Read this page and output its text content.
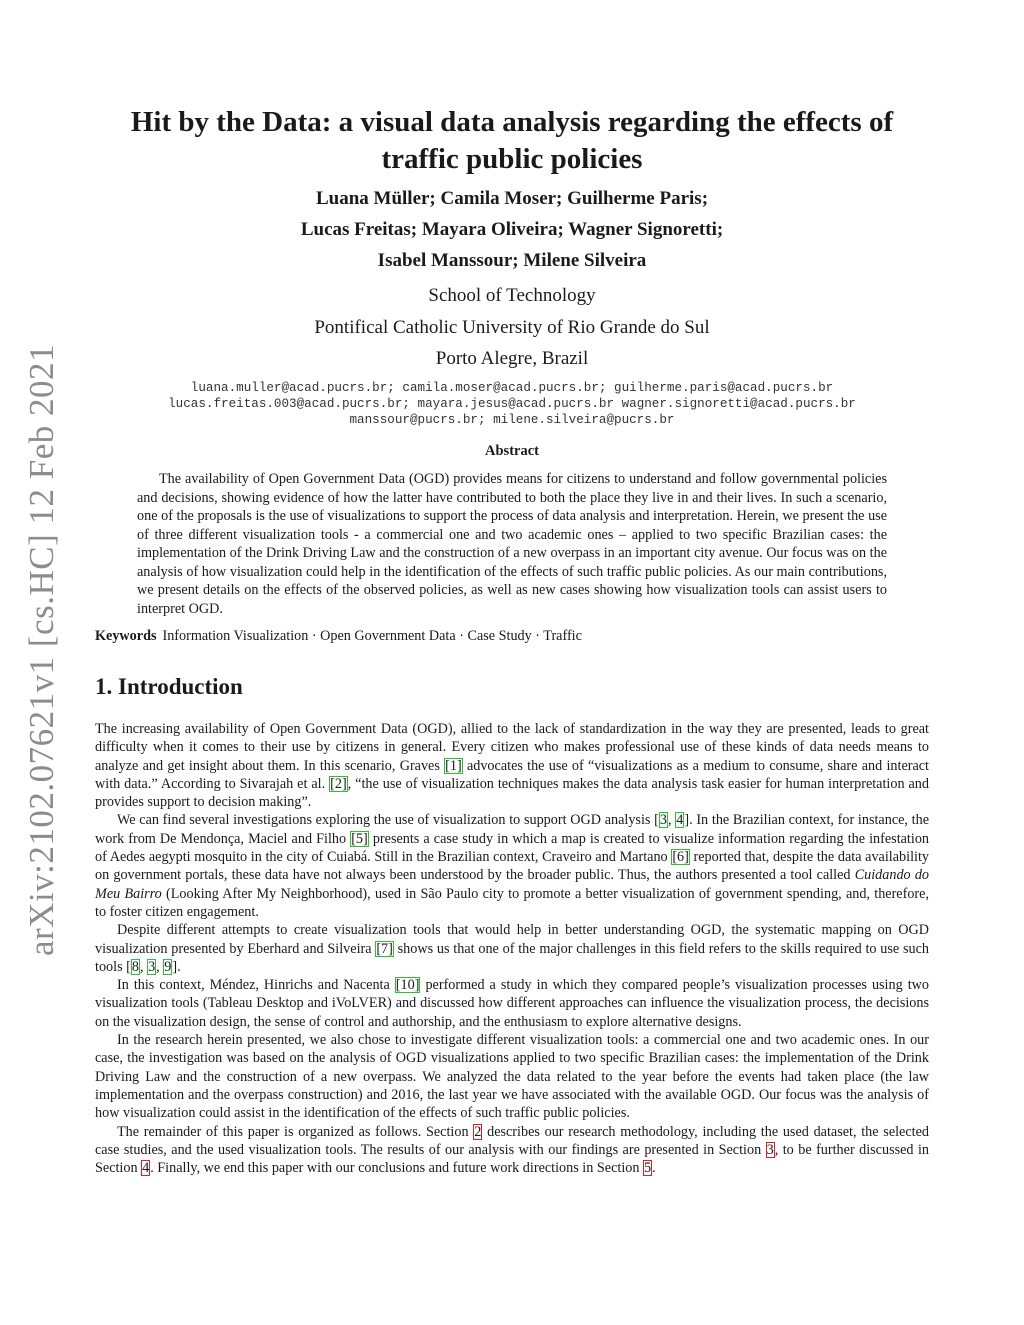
arXiv:2102.07621v1 [cs.HC] 12 Feb 2021
Hit by the Data: a visual data analysis regarding the effects of traffic public policies
Luana Müller; Camila Moser; Guilherme Paris;
Lucas Freitas; Mayara Oliveira; Wagner Signoretti;
Isabel Manssour; Milene Silveira
School of Technology
Pontifical Catholic University of Rio Grande do Sul
Porto Alegre, Brazil
luana.muller@acad.pucrs.br; camila.moser@acad.pucrs.br; guilherme.paris@acad.pucrs.br
lucas.freitas.003@acad.pucrs.br; mayara.jesus@acad.pucrs.br wagner.signoretti@acad.pucrs.br
manssour@pucrs.br; milene.silveira@pucrs.br
Abstract

The availability of Open Government Data (OGD) provides means for citizens to understand and follow governmental policies and decisions, showing evidence of how the latter have contributed to both the place they live in and their lives. In such a scenario, one of the proposals is the use of visualizations to support the process of data analysis and interpretation. Herein, we present the use of three different visualization tools - a commercial one and two academic ones – applied to two specific Brazilian cases: the implementation of the Drink Driving Law and the construction of a new overpass in an important city avenue. Our focus was on the analysis of how visualization could help in the identification of the effects of such traffic public policies. As our main contributions, we present details on the effects of the observed policies, as well as new cases showing how visualization tools can assist users to interpret OGD.

Keywords Information Visualization · Open Government Data · Case Study · Traffic
1. Introduction

The increasing availability of Open Government Data (OGD), allied to the lack of standardization in the way they are presented, leads to great difficulty when it comes to their use by citizens in general. Every citizen who makes professional use of these kinds of data needs means to analyze and get insight about them. In this scenario, Graves [1] advocates the use of “visualizations as a medium to consume, share and interact with data.” According to Sivarajah et al. [2], “the use of visualization techniques makes the data analysis task easier for human interpretation and provides support to decision making”.

We can find several investigations exploring the use of visualization to support OGD analysis [3, 4]. In the Brazilian context, for instance, the work from De Mendonça, Maciel and Filho [5] presents a case study in which a map is created to visualize information regarding the infestation of Aedes aegypti mosquito in the city of Cuiabá. Still in the Brazilian context, Craveiro and Martano [6] reported that, despite the data availability on government portals, these data have not always been understood by the broader public. Thus, the authors presented a tool called Cuidando do Meu Bairro (Looking After My Neighborhood), used in São Paulo city to promote a better visualization of government spending, and, therefore, to foster citizen engagement.

Despite different attempts to create visualization tools that would help in better understanding OGD, the systematic mapping on OGD visualization presented by Eberhard and Silveira [7] shows us that one of the major challenges in this field refers to the skills required to use such tools [8, 3, 9].

In this context, Méndez, Hinrichs and Nacenta [10] performed a study in which they compared people’s visualization processes using two visualization tools (Tableau Desktop and iVoLVER) and discussed how different approaches can influence the visualization process, the decisions on the visualization design, the sense of control and authorship, and the enthusiasm to explore alternative designs.

In the research herein presented, we also chose to investigate different visualization tools: a commercial one and two academic ones. In our case, the investigation was based on the analysis of OGD visualizations applied to two specific Brazilian cases: the implementation of the Drink Driving Law and the construction of a new overpass. We analyzed the data related to the year before the events had taken place (the law implementation and the overpass construction) and 2016, the last year we have associated with the available OGD. Our focus was the analysis of how visualization could assist in the identification of the effects of such traffic public policies.

The remainder of this paper is organized as follows. Section 2 describes our research methodology, including the used dataset, the selected case studies, and the used visualization tools. The results of our analysis with our findings are presented in Section 3, to be further discussed in Section 4. Finally, we end this paper with our conclusions and future work directions in Section 5.
